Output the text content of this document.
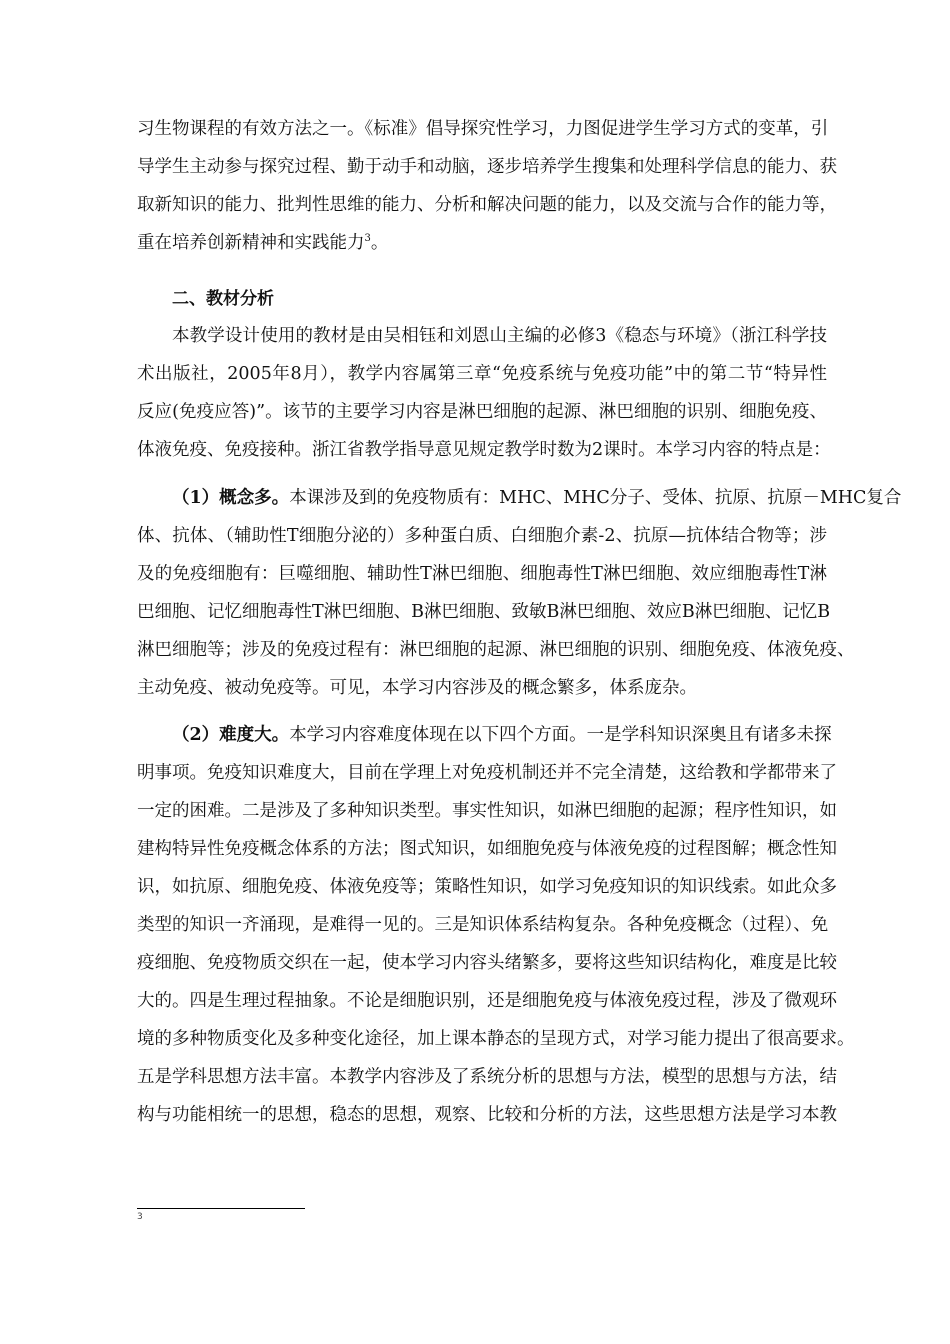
习生物课程的有效方法之一。《标准》倡导探究性学习，力图促进学生学习方式的变革，引
导学生主动参与探究过程、勤于动手和动脑，逐步培养学生搜集和处理科学信息的能力、获
取新知识的能力、批判性思维的能力、分析和解决问题的能力，以及交流与合作的能力等，
重在培养创新精神和实践能力$^3$。
二、教材分析
本教学设计使用的教材是由吴相钰和刘恩山主编的必修3《稳态与环境》（浙江科学技
术出版社，2005年8月），教学内容属第三章“免疫系统与免疫功能”中的第二节“特异性
反应(免疫应答)”。该节的主要学习内容是淋巴细胞的起源、淋巴细胞的识别、细胞免疫、
体液免疫、免疫接种。浙江省教学指导意见规定教学时数为2课时。本学习内容的特点是：
（1）概念多。本课涉及到的免疫物质有：MHC、MHC分子、受体、抗原、抗原－MHC复合
体、抗体、（辅助性T细胞分泌的）多种蛋白质、白细胞介素-2、抗原—抗体结合物等；涉
及的免疫细胞有：巨噬细胞、辅助性T淋巴细胞、细胞毒性T淋巴细胞、效应细胞毒性T淋
巴细胞、记忆细胞毒性T淋巴细胞、B淋巴细胞、致敏B淋巴细胞、效应B淋巴细胞、记忆B
淋巴细胞等；涉及的免疫过程有：淋巴细胞的起源、淋巴细胞的识别、细胞免疫、体液免疫、
主动免疫、被动免疫等。可见，本学习内容涉及的概念繁多，体系庞杂。
（2）难度大。本学习内容难度体现在以下四个方面。一是学科知识深奥且有诸多未探
明事项。免疫知识难度大，目前在学理上对免疫机制还并不完全清楚，这给教和学都带来了
一定的困难。二是涉及了多种知识类型。事实性知识，如淋巴细胞的起源；程序性知识，如
建构特异性免疫概念体系的方法；图式知识，如细胞免疫与体液免疫的过程图解；概念性知
识，如抗原、细胞免疫、体液免疫等；策略性知识，如学习免疫知识的知识线索。如此众多
类型的知识一齐涌现，是难得一见的。三是知识体系结构复杂。各种免疫概念（过程）、免
疫细胞、免疫物质交织在一起，使本学习内容头绪繁多，要将这些知识结构化，难度是比较
大的。四是生理过程抽象。不论是细胞识别，还是细胞免疫与体液免疫过程，涉及了微观环
境的多种物质变化及多种变化途径，加上课本静态的呈现方式，对学习能力提出了很高要求。
五是学科思想方法丰富。本教学内容涉及了系统分析的思想与方法，模型的思想与方法，结
构与功能相统一的思想，稳态的思想，观察、比较和分析的方法，这些思想方法是学习本教
3
